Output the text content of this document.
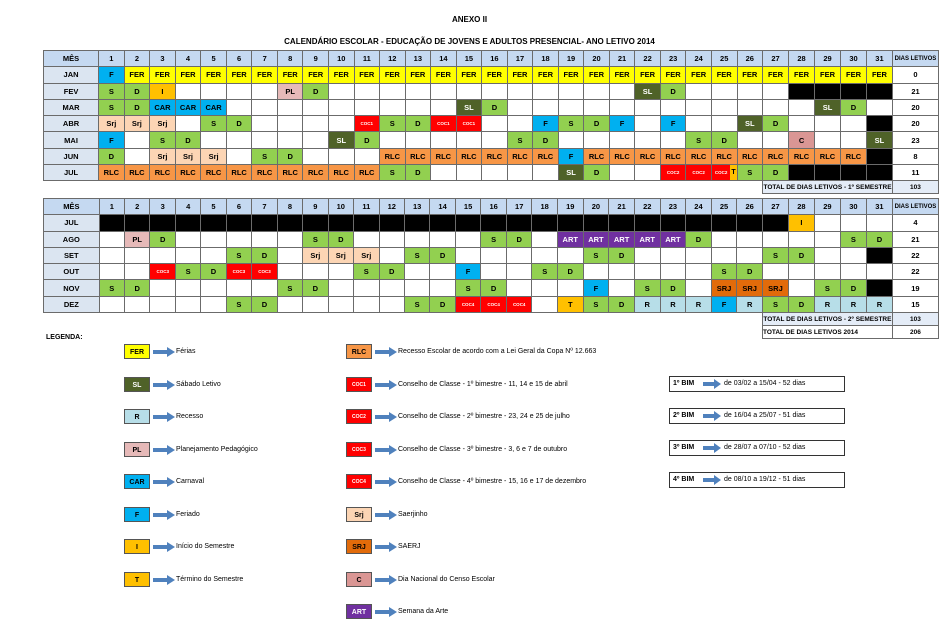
ANEXO II
CALENDÁRIO ESCOLAR - EDUCAÇÃO DE JOVENS E ADULTOS PRESENCIAL- ANO LETIVO 2014
MÊS	1	2	3	4	5	6	7	8	9	10	11	12	13	14	15	16	17	18	19	20	21	22	23	24	25	26	27	28	29	30	31	DIAS LETIVOS
JAN	F	FER	FER	FER	FER	FER	FER	FER	FER	FER	FER	FER	FER	FER	FER	FER	FER	FER	FER	FER	FER	FER	FER	FER	FER	FER	FER	FER	FER	FER	FER	0
FEV	S	D	I					PL	D													SL	D									21
MAR	S	D	CAR	CAR	CAR										SL	D													SL	D		20
ABR	Srj	Srj	Srj		S	D					COC1	S	D	COC1	COC1			F	S	D	F		F			SL	D					20
MAI	F		S	D						SL	D						S	D						S	D			C			SL	23
JUN	D		Srj	Srj	Srj		S	D				RLC	RLC	RLC	RLC	RLC	RLC	RLC	F	RLC	RLC	RLC	RLC	RLC	RLC	RLC	RLC	RLC	RLC	RLC		8
JUL	RLC	RLC	RLC	RLC	RLC	RLC	RLC	RLC	RLC	RLC	RLC	S	D						SL	D			COC2	COC2	COC2 T	S	D					11
																											TOTAL DE DIAS LETIVOS - 1º SEMESTRE					103
MÊS	1	2	3	4	5	6	7	8	9	10	11	12	13	14	15	16	17	18	19	20	21	22	23	24	25	26	27	28	29	30	31	DIAS LETIVOS
JUL																												I				4
AGO		PL	D						S	D						S	D		ART	ART	ART	ART	ART	D						S	D	21
SET						S	D		Srj	Srj	Srj		S	D						S	D						S	D				22
OUT			COC3	S	D	COC3	COC3				S	D			F			S	D						S	D						22
NOV	S	D						S	D						S	D				F		S	D		SRJ	SRJ	SRJ		S	D		19
DEZ						S	D						S	D	COC4	COC4	COC4		T	S	D	R	R	R	F	R	S	D	R	R	R	15
																											TOTAL DE DIAS LETIVOS - 2º SEMESTRE					103
																											TOTAL DE DIAS LETIVOS 2014					206
LEGENDA:
FER	Férias
SL	Sábado Letivo
R	Recesso
PL	Planejamento Pedagógico
CAR	Carnaval
F	Feriado
I	Início do Semestre
T	Término do Semestre
RLC	Recesso Escolar de acordo com a Lei Geral da Copa Nº 12.663
COC1	Conselho de Classe - 1º bimestre - 11, 14 e 15 de abril
COC2	Conselho de Classe - 2º bimestre - 23, 24 e 25 de julho
COC3	Conselho de Classe - 3º bimestre - 3, 6 e 7 de outubro
COC4	Conselho de Classe - 4º bimestre - 15, 16 e 17 de dezembro
Srj	Saerjinho
SRJ	SAERJ
C	Dia Nacional do Censo Escolar
ART	Semana da Arte
1º BIM	de 03/02 a 15/04 - 52 dias
2º BIM	de 16/04 a 25/07 - 51 dias
3º BIM	de 28/07 a 07/10 - 52 dias
4º BIM	de 08/10 a 19/12 - 51 dias
